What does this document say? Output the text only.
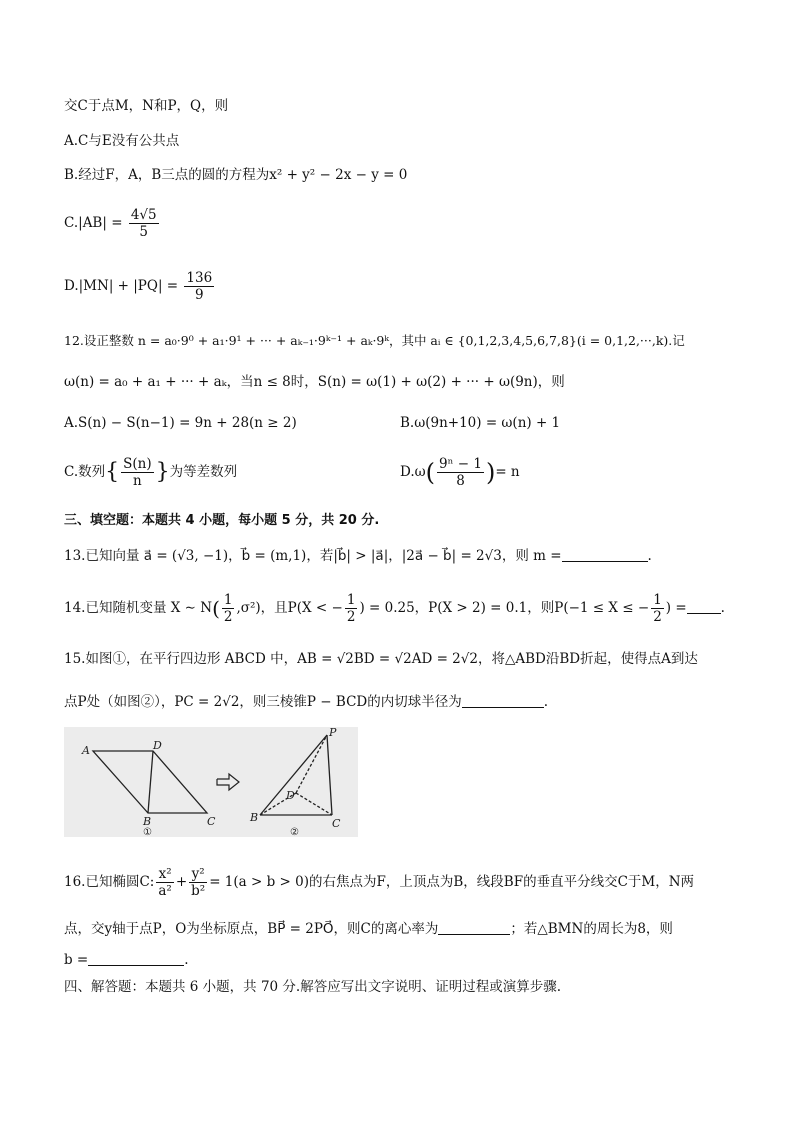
交C于点M，N和P，Q，则
A.C与E没有公共点
B.经过F，A，B三点的圆的方程为x² + y² − 2x − y = 0
$C.|AB| = \frac{4√5}{5}$
$D.|MN| + |PQ| = \frac{136}{9}$
12.设正整数 n = a₀·9⁰ + a₁·9¹ + ··· + aₖ₋₁·9ᵏ⁻¹ + aₖ·9ᵏ，其中 aᵢ ∈ {0,1,2,3,4,5,6,7,8}(i = 0,1,2,···,k).记
ω(n) = a₀ + a₁ + ··· + aₖ，当n ≤ 8时，S(n) = ω(1) + ω(2) + ··· + ω(9n)，则
A.S(n) − S(n−1) = 9n + 28(n ≥ 2)	B.ω(9n+10) = ω(n) + 1
C.数列{ $\frac{S(n)}{n}$ }为等差数列	$D.\omega( \frac{\text{9ⁿ − 1}}{8}$ )= n
三、填空题：本题共 4 小题，每小题 5 分，共 20 分.
13.已知向量 a⃗ = (√3, −1)，b⃗ = (m,1)，若|b⃗| > |a⃗|，|2a⃗ − b⃗| = 2√3，则 m =	.
14.已知随机变量 X ∼ $N( \frac{1}{2} ,\sigma^2)$，且P(X < − $\frac{1}{2}$ ) = 0.25，P(X > 2) = 0.1，则P(−1 ≤ X ≤ − $\frac{1}{2}$ ) =	.
15.如图①，在平行四边形 ABCD 中，AB = √2BD = √2AD = 2√2，将△ABD沿BD折起，使得点A到达
点P处（如图②），PC = 2√2，则三棱锥P − BCD的内切球半径为	.
A	D
B	C
①
P
D
B	C
②
16.已知椭圆C: $\frac{\text{x²}}{\text{a²}} + \frac{\text{y²}}{\text{b²}} = 1(a > b > 0)$的右焦点为F，上顶点为B，线段BF的垂直平分线交C于M，N两
点，交y轴于点P，O为坐标原点，BP⃗ = 2PO⃗，则C的离心率为	；若△BMN的周长为8，则
b =	.
四、解答题：本题共 6 小题，共 70 分.解答应写出文字说明、证明过程或演算步骤.
